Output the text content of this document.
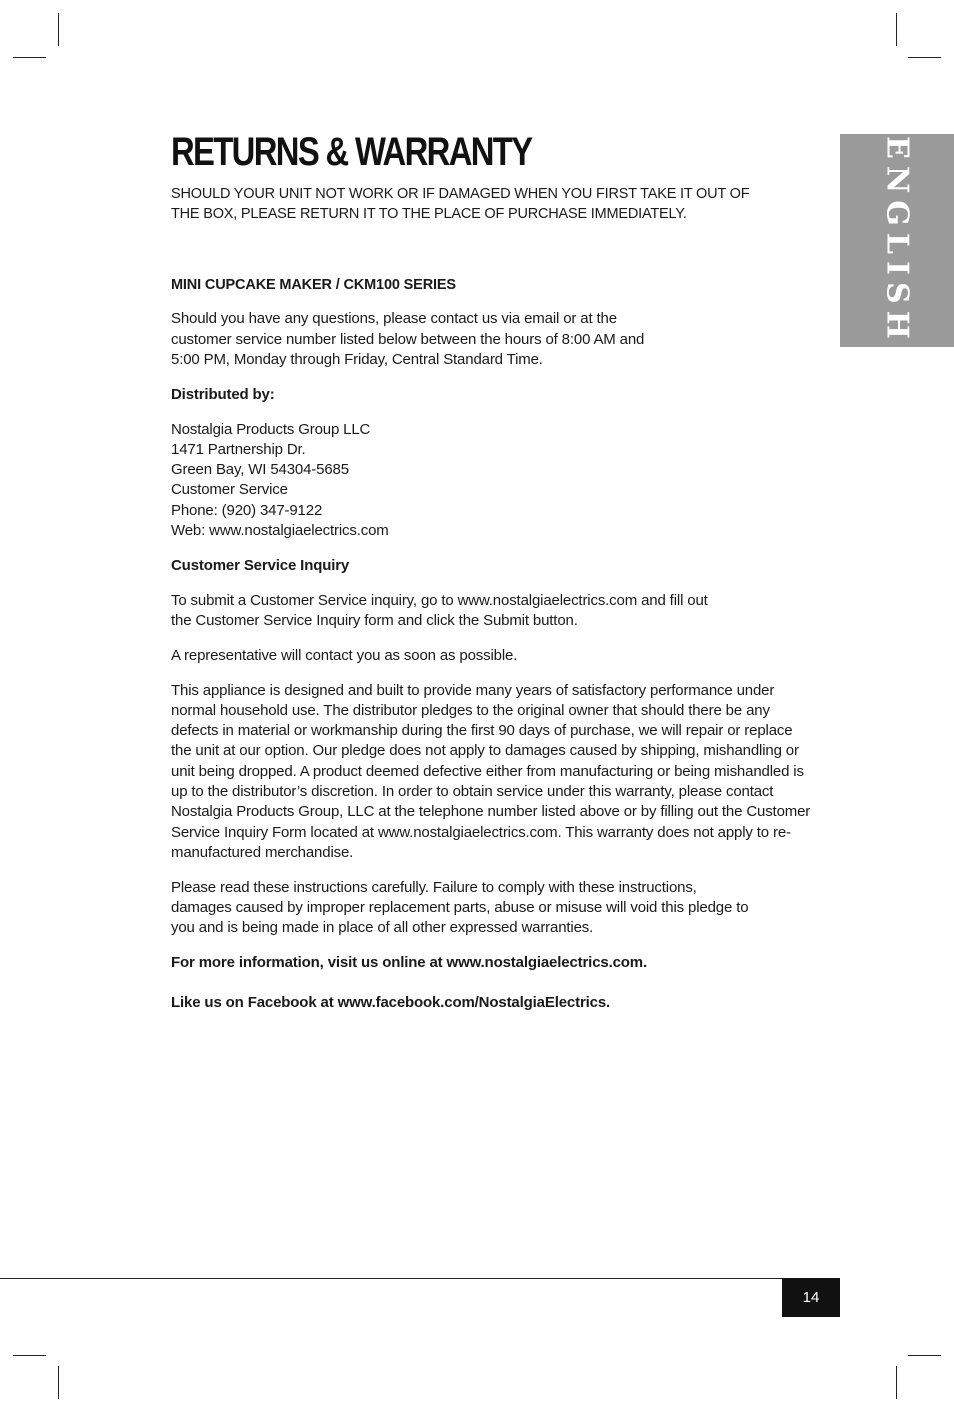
ENGLISH
RETURNS & WARRANTY

SHOULD YOUR UNIT NOT WORK OR IF DAMAGED WHEN YOU FIRST TAKE IT OUT OF THE BOX, PLEASE RETURN IT TO THE PLACE OF PURCHASE IMMEDIATELY.

MINI CUPCAKE MAKER / CKM100 SERIES

Should you have any questions, please contact us via email or at the customer service number listed below between the hours of 8:00 AM and 5:00 PM, Monday through Friday, Central Standard Time.

Distributed by:

Nostalgia Products Group LLC

1471 Partnership Dr.

Green Bay, WI 54304-5685

Customer Service

Phone: (920) 347-9122

Web: www.nostalgiaelectrics.com

Customer Service Inquiry

To submit a Customer Service inquiry, go to www.nostalgiaelectrics.com and fill out the Customer Service Inquiry form and click the Submit button.

A representative will contact you as soon as possible.

This appliance is designed and built to provide many years of satisfactory performance under normal household use. The distributor pledges to the original owner that should there be any defects in material or workmanship during the first 90 days of purchase, we will repair or replace the unit at our option. Our pledge does not apply to damages caused by shipping, mishandling or unit being dropped. A product deemed defective either from manufacturing or being mishandled is up to the distributor’s discretion. In order to obtain service under this warranty, please contact Nostalgia Products Group, LLC at the telephone number listed above or by filling out the Customer Service Inquiry Form located at www.nostalgiaelectrics.com. This warranty does not apply to re-manufactured merchandise.

Please read these instructions carefully. Failure to comply with these instructions, damages caused by improper replacement parts, abuse or misuse will void this pledge to you and is being made in place of all other expressed warranties.

For more information, visit us online at www.nostalgiaelectrics.com.

Like us on Facebook at www.facebook.com/NostalgiaElectrics.

14
